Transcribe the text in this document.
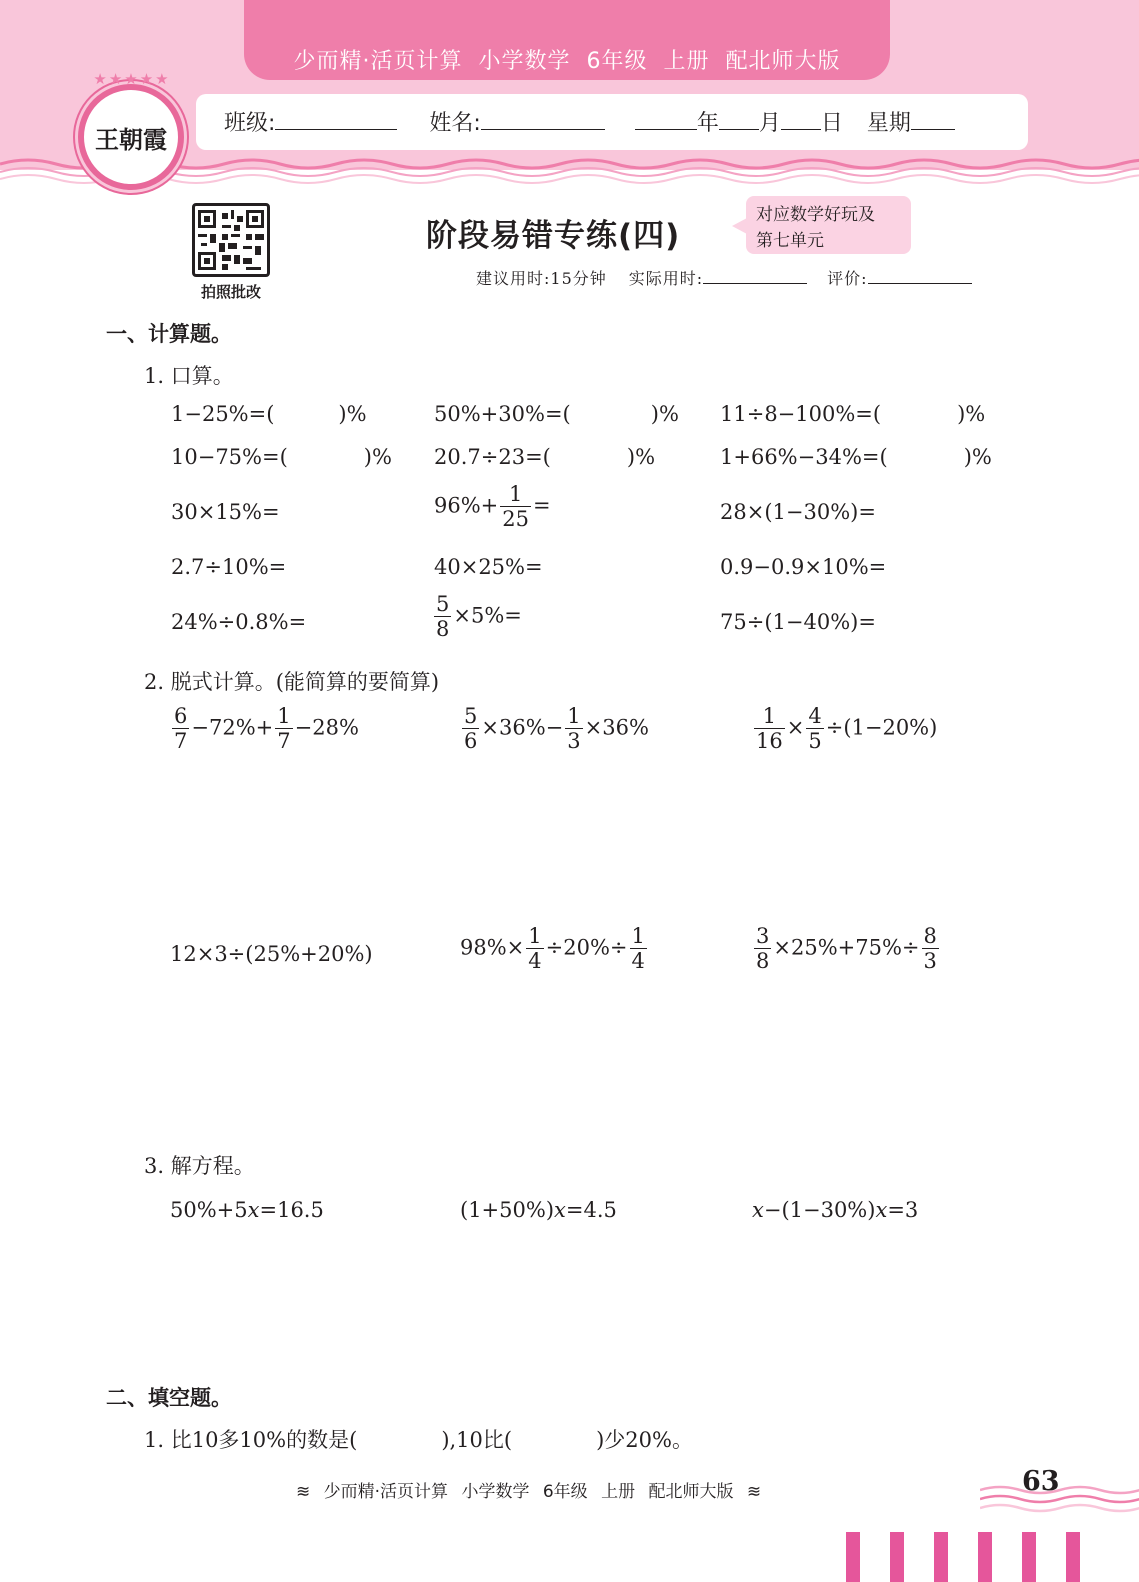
少而精·活页计算 小学数学 6年级 上册 配北师大版
王朝霞
★★★★★
班级:	姓名:	年 月 日 星期
拍照批改
阶段易错专练(四)
对应数学好玩及
第七单元
建议用时:15分钟 实际用时:	评价:
一、计算题。
1. 口算。
1−25%=(	)%	50%+30%=(	)% 11÷8−100%=(	)%
10−75%=(	)% 20.7÷23=(	)%	1+66%−34%=(	)%
30×15%=	$96\%+ \frac{1}{25}$ =	28×(1−30%)=
2.7÷10%=	40×25%=	0.9−0.9×10%=
24%÷0.8%=	$\frac{5}{8} \times 5\%=$	75÷(1−40%)=
2. 脱式计算。(能简算的要简算)
$\frac{6}{7} -72\%+ \frac{1}{7} -28\%$	$\frac{5}{6} \times 36\%- \frac{1}{3} \times 36\%$	$\frac{1}{16} \times \frac{4}{5} \div(1-20\%)$
12×3÷(25%+20%)	$98\%\times \frac{1}{4} \div 20\%\div \frac{1}{4}$	$\frac{3}{8} \times 25\%+75\%\div \frac{8}{3}$
3. 解方程。
50%+5x=16.5	(1+50%)x=4.5	x−(1−30%)x=3
二、填空题。
1. 比10多10%的数是(	),10比(	)少20%。
≋ 少而精·活页计算 小学数学 6年级 上册 配北师大版 ≋	63
